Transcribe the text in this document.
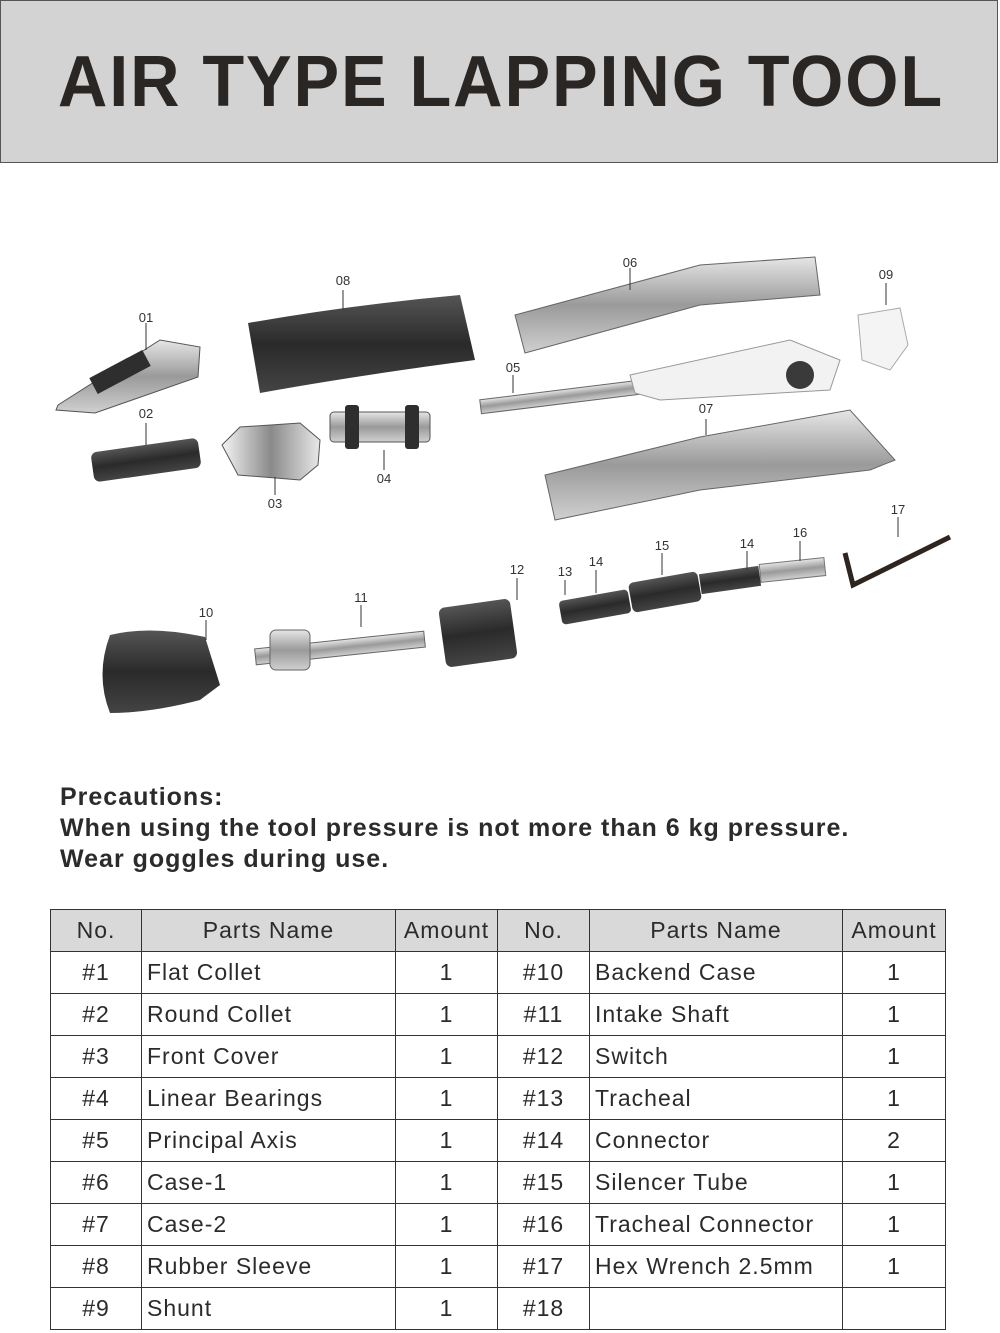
AIR TYPE LAPPING TOOL
01
02
03
04
05
06
07
08	09
10
11
12	13
14
14
15
16
17
Precautions:
When using the tool pressure is not more than 6 kg pressure.
Wear goggles during use.
No.	Parts Name	Amount	No.	Parts Name	Amount
#1	Flat Collet	1	#10	Backend Case	1
#2	Round Collet	1	#11	Intake Shaft	1
#3	Front Cover	1	#12	Switch	1
#4	Linear Bearings	1	#13	Tracheal	1
#5	Principal Axis	1	#14	Connector	2
#6	Case-1	1	#15	Silencer Tube	1
#7	Case-2	1	#16	Tracheal Connector	1
#8	Rubber Sleeve	1	#17	Hex Wrench 2.5mm	1
#9	Shunt	1	#18		
